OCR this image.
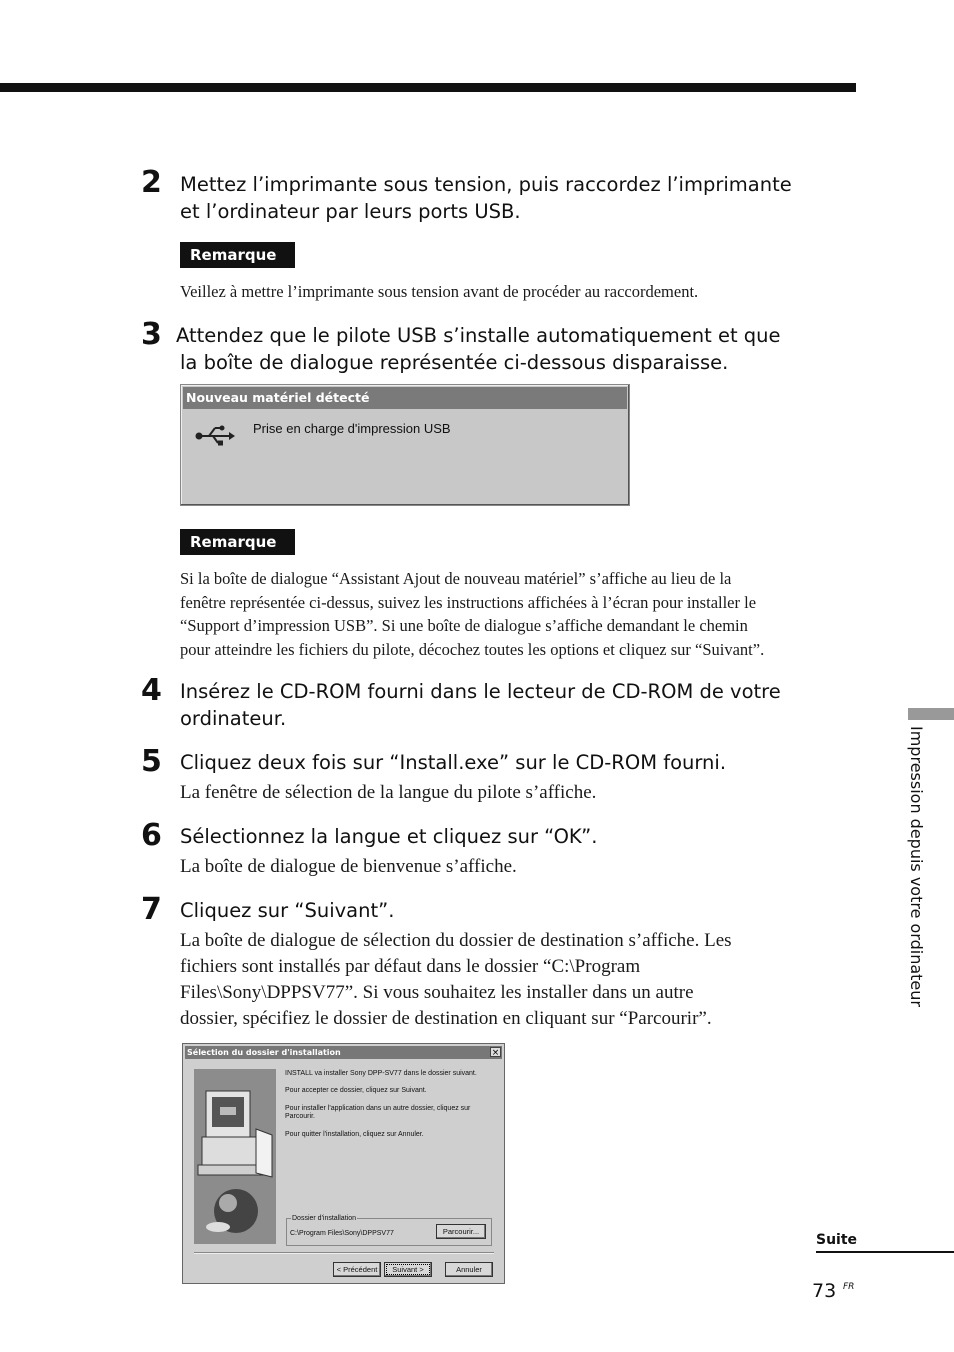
2 Mettez l’imprimante sous tension, puis raccordez l’imprimante
et l’ordinateur par leurs ports USB.
Remarque
Veillez à mettre l’imprimante sous tension avant de procéder au raccordement.
3 Attendez que le pilote USB s’installe automatiquement et que
la boîte de dialogue représentée ci-dessous disparaisse.
Nouveau matériel détecté
Prise en charge d'impression USB
Remarque
Si la boîte de dialogue “Assistant Ajout de nouveau matériel” s’affiche au lieu de la
fenêtre représentée ci-dessus, suivez les instructions affichées à l’écran pour installer le
“Support d’impression USB”. Si une boîte de dialogue s’affiche demandant le chemin
pour atteindre les fichiers du pilote, décochez toutes les options et cliquez sur “Suivant”.
4 Insérez le CD-ROM fourni dans le lecteur de CD-ROM de votre
ordinateur.
5 Cliquez deux fois sur “Install.exe” sur le CD-ROM fourni.
La fenêtre de sélection de la langue du pilote s’affiche.
6 Sélectionnez la langue et cliquez sur “OK”.
La boîte de dialogue de bienvenue s’affiche.
7 Cliquez sur “Suivant”.
La boîte de dialogue de sélection du dossier de destination s’affiche. Les
fichiers sont installés par défaut dans le dossier “C:\Program
Files\Sony\DPPSV77”. Si vous souhaitez les installer dans un autre
dossier, spécifiez le dossier de destination en cliquant sur “Parcourir”.
Sélection du dossier d'installation	×
INSTALL va installer Sony DPP-SV77 dans le dossier suivant.
Pour accepter ce dossier, cliquez sur Suivant.
Pour installer l'application dans un autre dossier, cliquez sur
Parcourir.
Pour quitter l'installation, cliquez sur Annuler.
Dossier d'installation
C:\Program Files\Sony\DPPSV77	Parcourir...
< Précédent	Suivant >	Annuler
Impression depuis votre ordinateur
Suite
73 FR
